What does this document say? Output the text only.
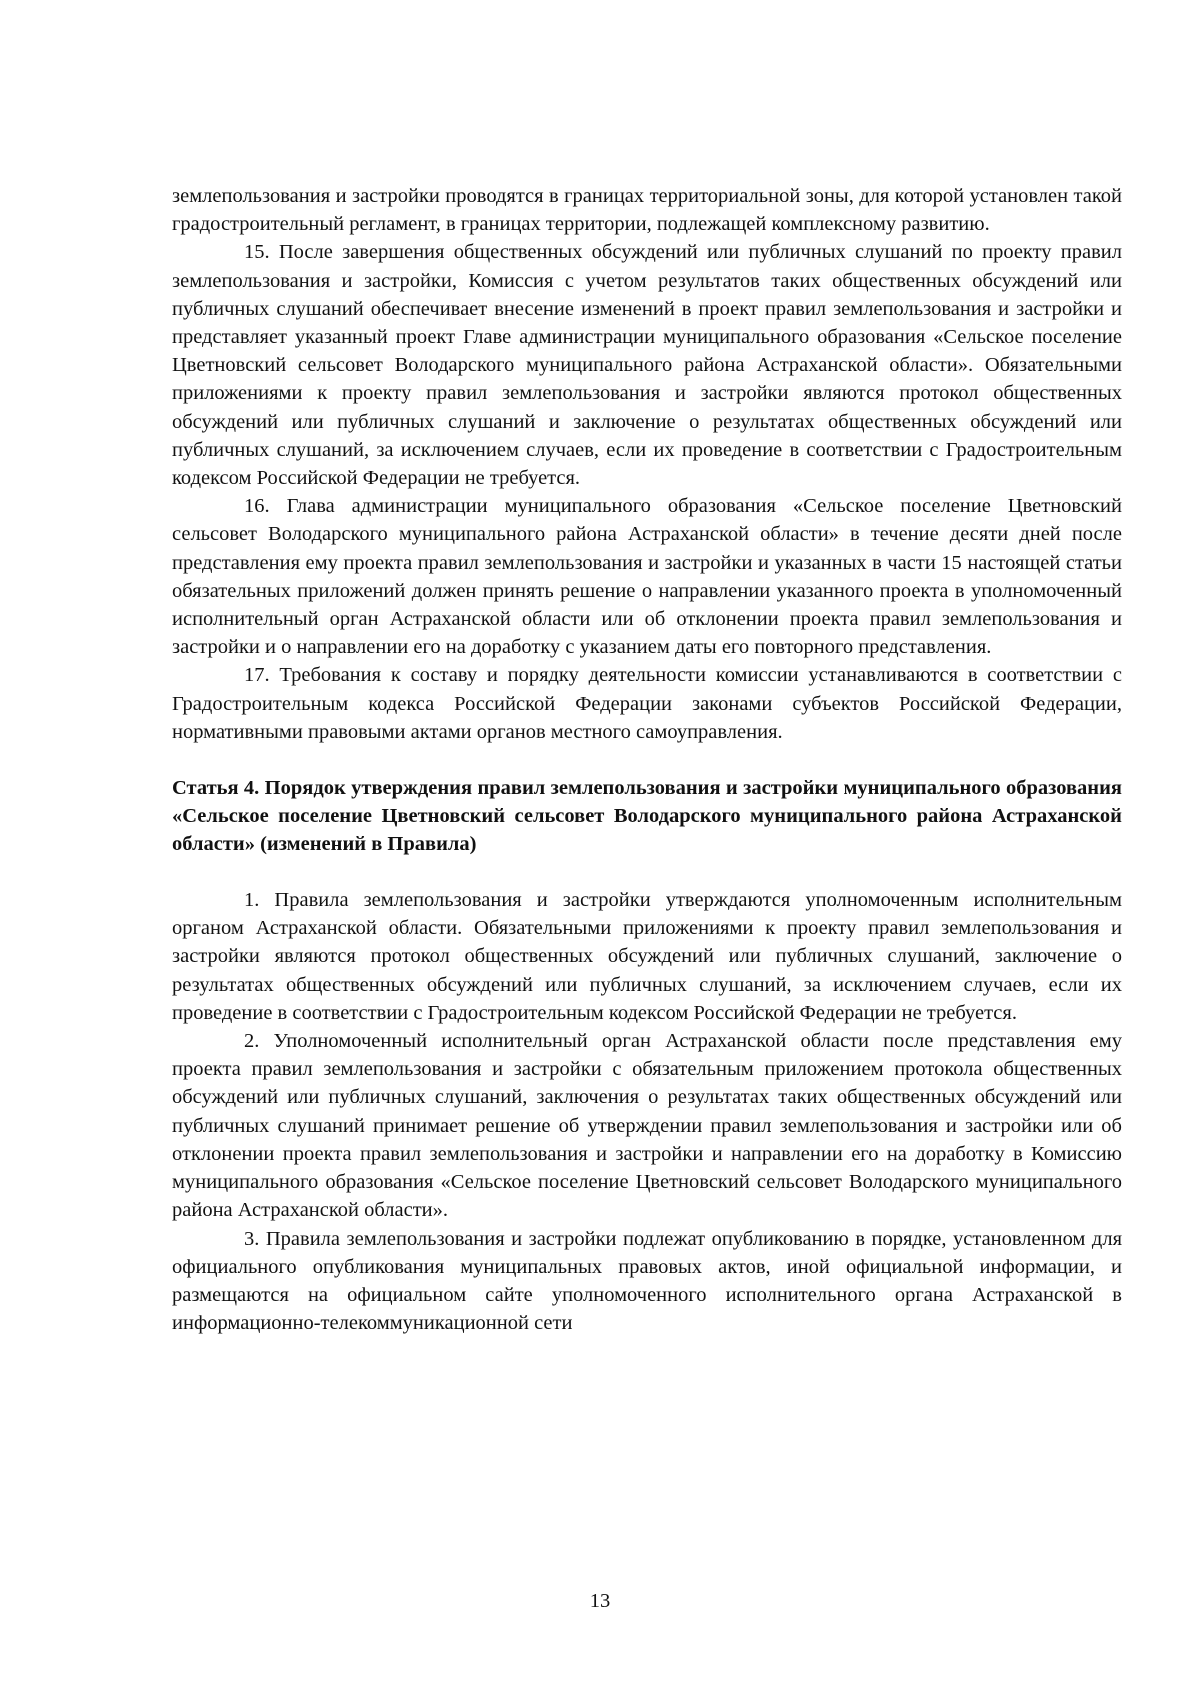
землепользования и застройки проводятся в границах территориальной зоны, для которой установлен такой градостроительный регламент, в границах территории, подлежащей комплексному развитию.

15. После завершения общественных обсуждений или публичных слушаний по проекту правил землепользования и застройки, Комиссия с учетом результатов таких общественных обсуждений или публичных слушаний обеспечивает внесение изменений в проект правил землепользования и застройки и представляет указанный проект Главе администрации муниципального образования «Сельское поселение Цветновский сельсовет Володарского муниципального района Астраханской области». Обязательными приложениями к проекту правил землепользования и застройки являются протокол общественных обсуждений или публичных слушаний и заключение о результатах общественных обсуждений или публичных слушаний, за исключением случаев, если их проведение в соответствии с Градостроительным кодексом Российской Федерации не требуется.

16. Глава администрации муниципального образования «Сельское поселение Цветновский сельсовет Володарского муниципального района Астраханской области» в течение десяти дней после представления ему проекта правил землепользования и застройки и указанных в части 15 настоящей статьи обязательных приложений должен принять решение о направлении указанного проекта в уполномоченный исполнительный орган Астраханской области или об отклонении проекта правил землепользования и застройки и о направлении его на доработку с указанием даты его повторного представления.

17. Требования к составу и порядку деятельности комиссии устанавливаются в соответствии с Градостроительным кодекса Российской Федерации законами субъектов Российской Федерации, нормативными правовыми актами органов местного самоуправления.

Статья 4. Порядок утверждения правил землепользования и застройки муниципального образования «Сельское поселение Цветновский сельсовет Володарского муниципального района Астраханской области» (изменений в Правила)

1. Правила землепользования и застройки утверждаются уполномоченным исполнительным органом Астраханской области. Обязательными приложениями к проекту правил землепользования и застройки являются протокол общественных обсуждений или публичных слушаний, заключение о результатах общественных обсуждений или публичных слушаний, за исключением случаев, если их проведение в соответствии с Градостроительным кодексом Российской Федерации не требуется.

2. Уполномоченный исполнительный орган Астраханской области после представления ему проекта правил землепользования и застройки с обязательным приложением протокола общественных обсуждений или публичных слушаний, заключения о результатах таких общественных обсуждений или публичных слушаний принимает решение об утверждении правил землепользования и застройки или об отклонении проекта правил землепользования и застройки и направлении его на доработку в Комиссию муниципального образования «Сельское поселение Цветновский сельсовет Володарского муниципального района Астраханской области».

3. Правила землепользования и застройки подлежат опубликованию в порядке, установленном для официального опубликования муниципальных правовых актов, иной официальной информации, и размещаются на официальном сайте уполномоченного исполнительного органа Астраханской в информационно-телекоммуникационной сети

13
